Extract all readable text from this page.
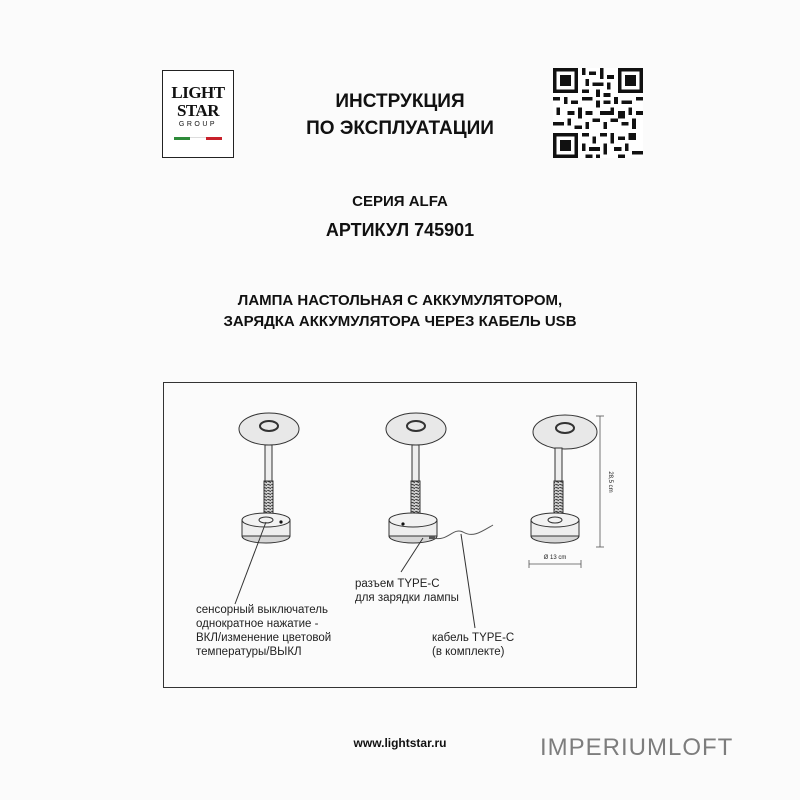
LIGHT
STAR
GROUP
ИНСТРУКЦИЯ
ПО ЭКСПЛУАТАЦИИ
СЕРИЯ ALFA
АРТИКУЛ 745901
ЛАМПА НАСТОЛЬНАЯ С АККУМУЛЯТОРОМ,
ЗАРЯДКА АККУМУЛЯТОРА ЧЕРЕЗ КАБЕЛЬ USB
28,5 cm
Ø 13 cm
разъем TYPE-C
для зарядки лампы
сенсорный выключатель
однократное нажатие -
ВКЛ/изменение цветовой
температуры/ВЫКЛ
кабель TYPE-C
(в комплекте)
www.lightstar.ru	IMPERIUMLOFT
